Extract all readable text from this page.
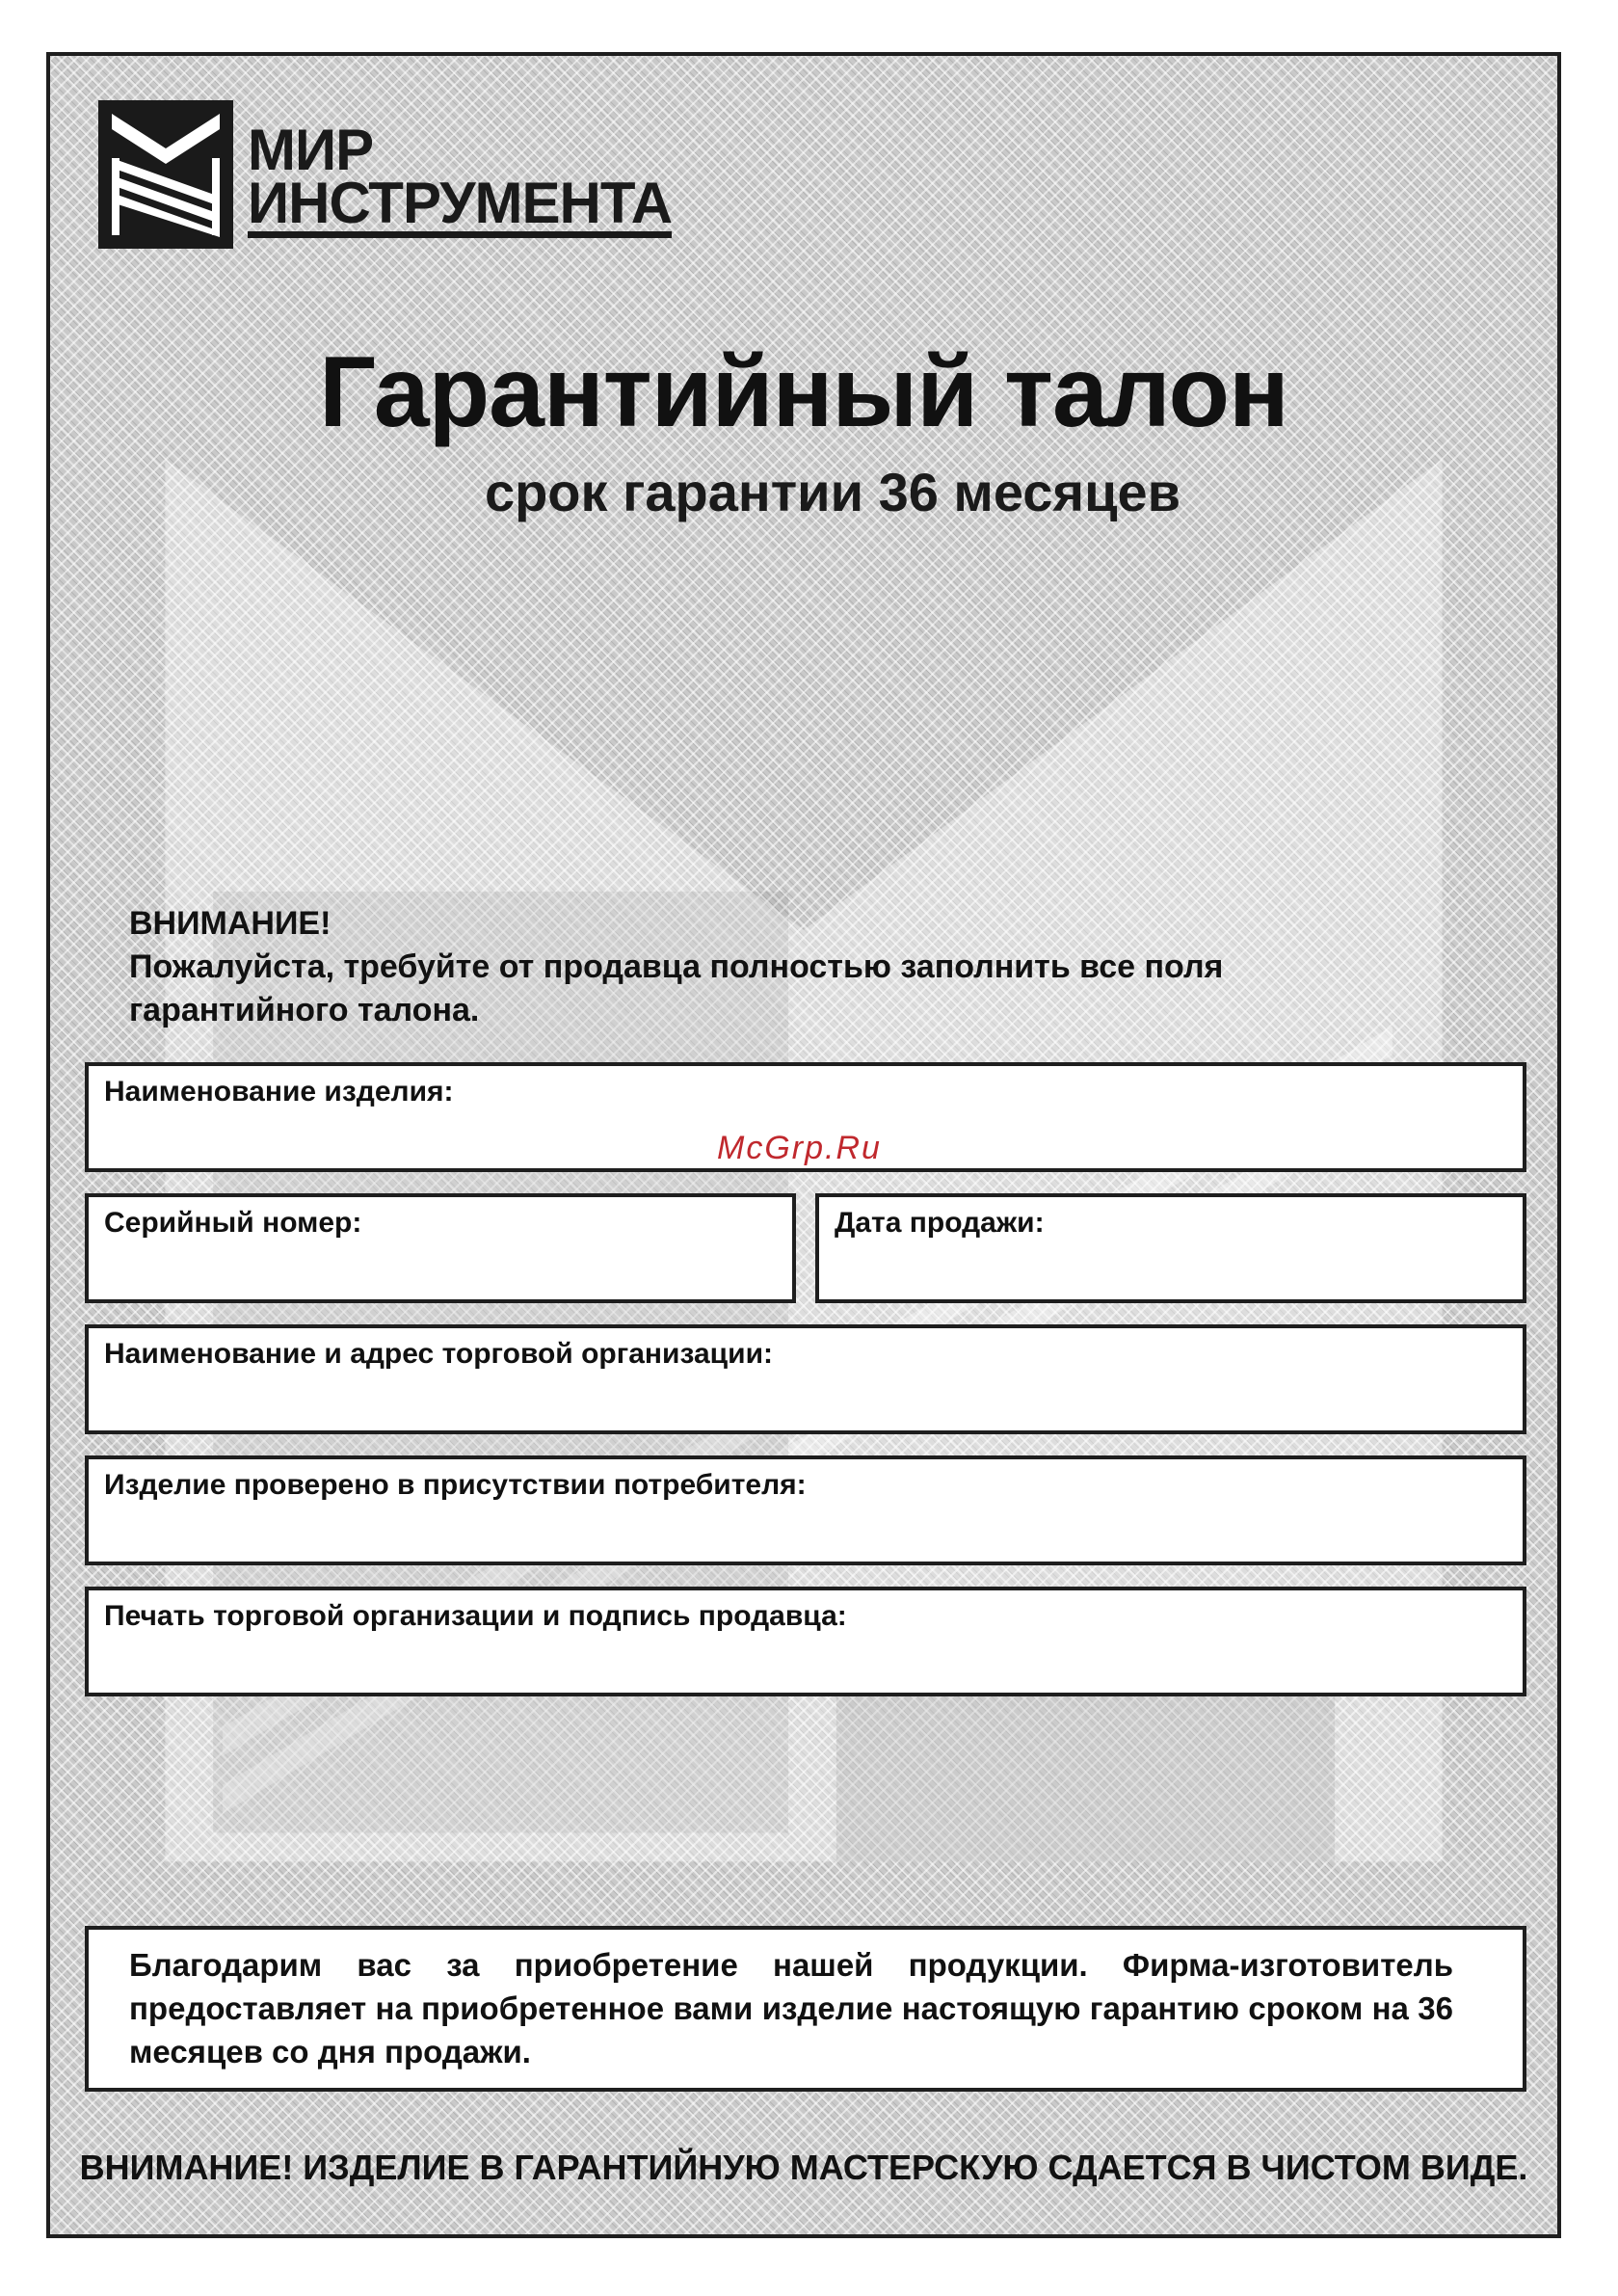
МИР
ИНСТРУМЕНТА
Гарантийный талон
срок гарантии 36 месяцев
ВНИМАНИЕ!
Пожалуйста, требуйте от продавца полностью заполнить все поля
гарантийного талона.
Наименование изделия:
McGrp.Ru
Серийный номер:	Дата продажи:
Наименование и адрес торговой организации:
Изделие проверено в присутствии потребителя:
Печать торговой организации и подпись продавца:
Благодарим вас за приобретение нашей продукции. Фирма-изготовитель предоставляет на приобретенное вами изделие настоящую гарантию сроком на 36 месяцев со дня продажи.
ВНИМАНИЕ! ИЗДЕЛИЕ В ГАРАНТИЙНУЮ МАСТЕРСКУЮ СДАЕТСЯ В ЧИСТОМ ВИДЕ.
